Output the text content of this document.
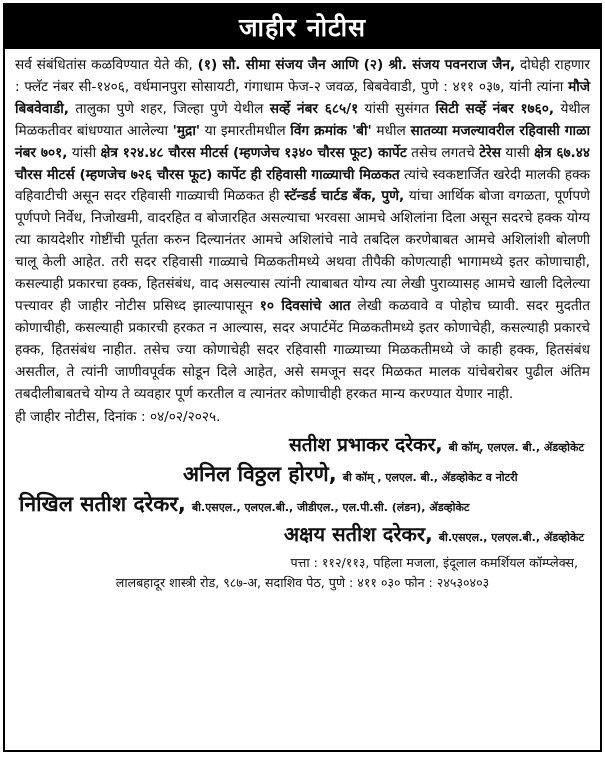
जाहीर नोटीस

सर्व संबंधितांस कळविण्यात येते की, (१) सौ. सीमा संजय जैन आणि (२) श्री. संजय पवनराज जैन, दोघेही राहणार : फ्लॅट नंबर सी-१४०६, वर्धमानपुरा सोसायटी, गंगाधाम फेज-२ जवळ, बिबवेवाडी, पुणे : ४११ ०३७, यांनी त्यांना मौजे बिबवेवाडी, तालुका पुणे शहर, जिल्हा पुणे येथील सर्व्हे नंबर ६८५/१ यांसी सुसंगत सिटी सर्व्हे नंबर १७६०, येथील मिळकतीवर बांधण्यात आलेल्या 'मुद्रा' या इमारतीमधील विंग क्रमांक 'बी' मधील सातव्या मजल्यावरील रहिवासी गाळा नंबर ७०१, यांसी क्षेत्र १२४.४८ चौरस मीटर्स (म्हणजेच १३४० चौरस फूट) कार्पेट तसेच लगतचे टेरेस यासी क्षेत्र ६७.४४ चौरस मीटर्स (म्हणजेच ७२६ चौरस फूट) कार्पेट ही रहिवासी गाळ्याची मिळकत त्यांचे स्वकष्टार्जित खरेदी मालकी हक्क वहिवाटीची असून सदर रहिवासी गाळ्याची मिळकत ही स्टॅन्डर्ड चार्टड बँक, पुणे, यांचा आर्थिक बोजा वगळता, पूर्णपणे पूर्णपणे निर्वेध, निजोखमी, वादरहित व बोजारहित असल्याचा भरवसा आमचे अशिलांना दिला असून सदरचे हक्क योग्य त्या कायदेशीर गोष्टींची पूर्तता करुन दिल्यानंतर आमचे अशिलांचे नावे तबदिल करणेबाबत आमचे अशिलांशी बोलणी चालू केली आहेत. तरी सदर रहिवासी गाळ्याचे मिळकतीमध्ये अथवा तीपैकी कोणत्याही भागामध्ये इतर कोणाचाही, कसल्याही प्रकारचा हक्क, हितसंबंध, वाद असल्यास त्यांनी त्याबाबत योग्य त्या लेखी पुराव्यासह आमचे खाली दिलेल्या पत्त्यावर ही जाहीर नोटीस प्रसिध्द झाल्यापासून १० दिवसांचे आत लेखी कळवावे व पोहोच घ्यावी. सदर मुदतीत कोणाचीही, कसल्याही प्रकारची हरकत न आल्यास, सदर अपार्टमेंट मिळकतीमध्ये इतर कोणाचेही, कसल्याही प्रकारचे हक्क, हितसंबंध नाहीत. तसेच ज्या कोणाचेही सदर रहिवासी गाळ्याच्या मिळकतीमध्ये जे काही हक्क, हितसंबंध असतील, ते त्यांनी जाणीवपूर्वक सोडून दिले आहेत, असे समजून सदर मिळकत मालक यांचेबरोबर पुढील अंतिम तबदीलीबाबतचे योग्य ते व्यवहार पूर्ण करतील व त्यानंतर कोणाचीही हरकत मान्य करण्यात येणार नाही.

ही जाहीर नोटीस, दिनांक : ०४/०२/२०२५.
सतीश प्रभाकर दरेकर, बी कॉम्, एलएल. बी., ॲडव्होकेट
अनिल विठ्ठल होरणे, बी कॉम् , एलएल. बी., ॲडव्होकेट व नोटरी
निखिल सतीश दरेकर, बी.एसएल., एलएल.बी., जीडीएल., एल.पी.सी. (लंडन), ॲडव्होकेट
अक्षय सतीश दरेकर, बी.एसएल., एलएल.बी., ॲडव्होकेट
पत्ता : ११२/११३, पहिला मजला, इंदूलाल कमर्शियल कॉम्प्लेक्स,
लालबहादूर शास्त्री रोड, ९८७-अ, सदाशिव पेठ, पुणे : ४११ ०३० फोन : २४५३०४०३
